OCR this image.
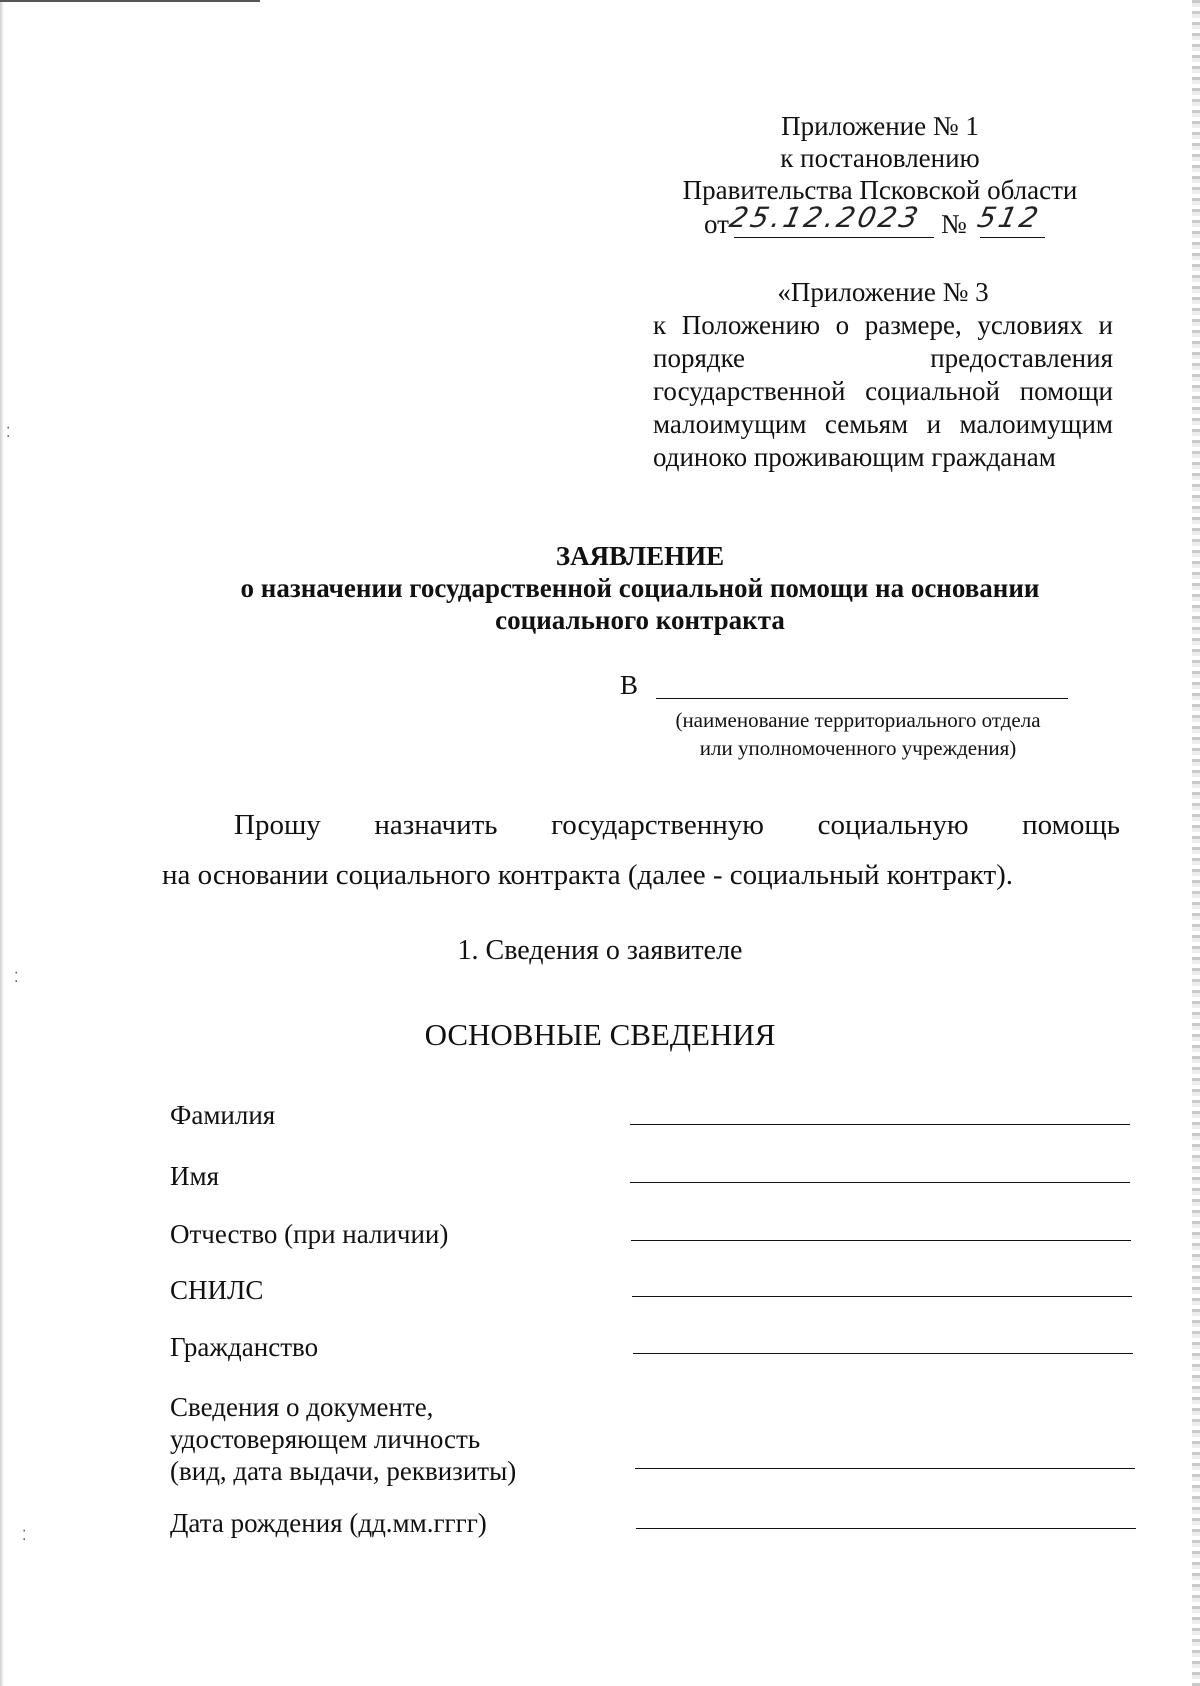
⁚
⁚
⁚
Приложение № 1
к постановлению
Правительства Псковской области
от
25.12.2023 № 512
«Приложение № 3
к Положению о размере, условиях и порядке предоставления государственной социальной помощи малоимущим семьям и малоимущим одиноко проживающим гражданам
ЗАЯВЛЕНИЕ
о назначении государственной социальной помощи на основании
социального контракта
В
(наименование территориального отдела
или уполномоченного учреждения)
Прошу назначить государственную социальную помощь
на основании социального контракта (далее - социальный контракт).
1. Сведения о заявителе
ОСНОВНЫЕ СВЕДЕНИЯ
Фамилия
Имя
Отчество (при наличии)
СНИЛС
Гражданство
Сведения о документе,
удостоверяющем личность
(вид, дата выдачи, реквизиты)
Дата рождения (дд.мм.гггг)
